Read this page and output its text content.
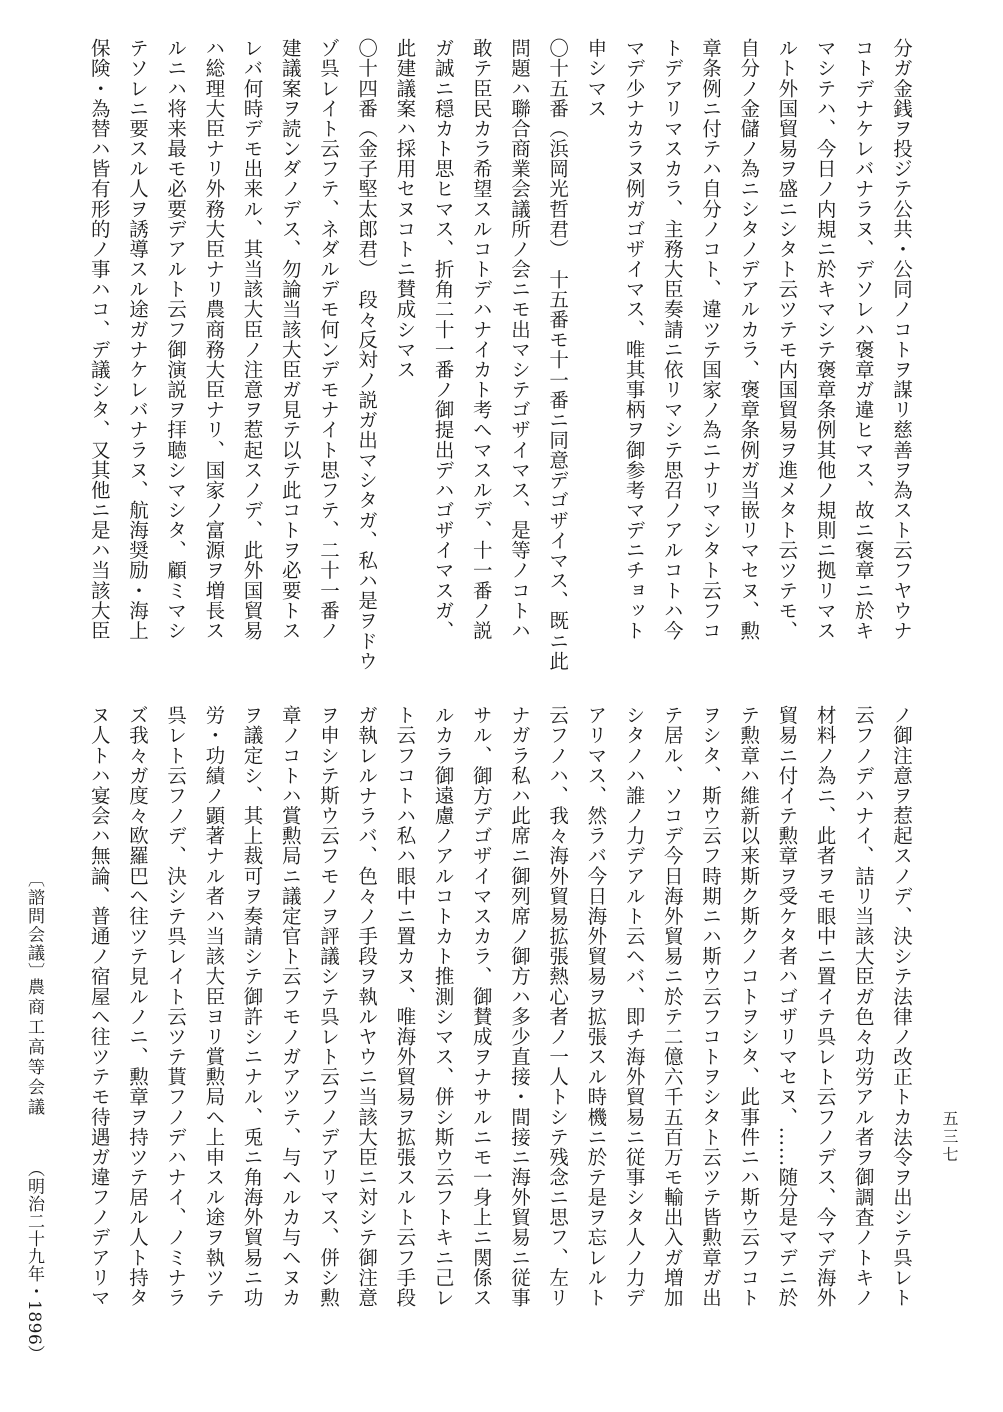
分ガ金銭ヲ投ジテ公共・公同ノコトヲ謀リ慈善ヲ為スト云フヤウナ
コトデナケレバナラヌ、デソレハ褒章ガ違ヒマス、故ニ褒章ニ於キ
マシテハ、今日ノ内規ニ於キマシテ褒章条例其他ノ規則ニ拠リマス
ルト外国貿易ヲ盛ニシタト云ツテモ内国貿易ヲ進メタト云ツテモ、
自分ノ金儲ノ為ニシタノデアルカラ、褒章条例ガ当嵌リマセヌ、勲
章条例ニ付テハ自分ノコト、違ツテ国家ノ為ニナリマシタト云フコ
トデアリマスカラ、主務大臣奏請ニ依リマシテ思召ノアルコトハ今
マデ少ナカラヌ例ガゴザイマス、唯其事柄ヲ御参考マデニチョット
申シマス
〇十五番（浜岡光哲君）　十五番モ十一番ニ同意デゴザイマス、既ニ此
問題ハ聯合商業会議所ノ会ニモ出マシテゴザイマス、是等ノコトハ
敢テ臣民カラ希望スルコトデハナイカト考ヘマスルデ、十一番ノ説
ガ誠ニ穏カト思ヒマス、折角二十一番ノ御提出デハゴザイマスガ、
此建議案ハ採用セヌコトニ賛成シマス
〇十四番（金子堅太郎君）　段々反対ノ説ガ出マシタガ、私ハ是ヲドウ
ゾ呉レイト云フテ、ネダルデモ何ンデモナイト思フテ、二十一番ノ
建議案ヲ読ンダノデス、勿論当該大臣ガ見テ以テ此コトヲ必要トス
レバ何時デモ出来ル、其当該大臣ノ注意ヲ惹起スノデ、此外国貿易
ハ総理大臣ナリ外務大臣ナリ農商務大臣ナリ、国家ノ富源ヲ増長ス
ルニハ将来最モ必要デアルト云フ御演説ヲ拝聴シマシタ、顧ミマシ
テソレニ要スル人ヲ誘導スル途ガナケレバナラヌ、航海奨励・海上
保険・為替ハ皆有形的ノ事ハコ、デ議シタ、又其他ニ是ハ当該大臣
ノ御注意ヲ惹起スノデ、決シテ法律ノ改正トカ法令ヲ出シテ呉レト
云フノデハナイ、詰リ当該大臣ガ色々功労アル者ヲ御調査ノトキノ
材料ノ為ニ、此者ヲモ眼中ニ置イテ呉レト云フノデス、今マデ海外
貿易ニ付イテ勲章ヲ受ケタ者ハゴザリマセヌ、……随分是マデニ於
テ勲章ハ維新以来斯ク斯クノコトヲシタ、此事件ニハ斯ウ云フコト
ヲシタ、斯ウ云フ時期ニハ斯ウ云フコトヲシタト云ツテ皆勲章ガ出
テ居ル、ソコデ今日海外貿易ニ於テ二億六千五百万モ輸出入ガ増加
シタノハ誰ノ力デアルト云ヘバ、即チ海外貿易ニ従事シタ人ノ力デ
アリマス、然ラバ今日海外貿易ヲ拡張スル時機ニ於テ是ヲ忘レルト
云フノハ、我々海外貿易拡張熱心者ノ一人トシテ残念ニ思フ、左リ
ナガラ私ハ此席ニ御列席ノ御方ハ多少直接・間接ニ海外貿易ニ従事
サル、御方デゴザイマスカラ、御賛成ヲナサルニモ一身上ニ関係ス
ルカラ御遠慮ノアルコトカト推測シマス、併シ斯ウ云フトキニ己レ
ト云フコトハ私ハ眼中ニ置カヌ、唯海外貿易ヲ拡張スルト云フ手段
ガ執レルナラバ、色々ノ手段ヲ執ルヤウニ当該大臣ニ対シテ御注意
ヲ申シテ斯ウ云フモノヲ評議シテ呉レト云フノデアリマス、併シ勲
章ノコトハ賞勲局ニ議定官ト云フモノガアツテ、与ヘルカ与ヘヌカ
ヲ議定シ、其上裁可ヲ奏請シテ御許シニナル、兎ニ角海外貿易ニ功
労・功績ノ顕著ナル者ハ当該大臣ヨリ賞勲局ヘ上申スル途ヲ執ツテ
呉レト云フノデ、決シテ呉レイト云ツテ貰フノデハナイ、ノミナラ
ズ我々ガ度々欧羅巴ヘ往ツテ見ルノニ、勲章ヲ持ツテ居ル人ト持タ
ヌ人トハ宴会ハ無論、普通ノ宿屋ヘ往ツテモ待遇ガ違フノデアリマ
〔諮問会議〕
農商工高等会議
（明治二十九年・1896）
五三七
